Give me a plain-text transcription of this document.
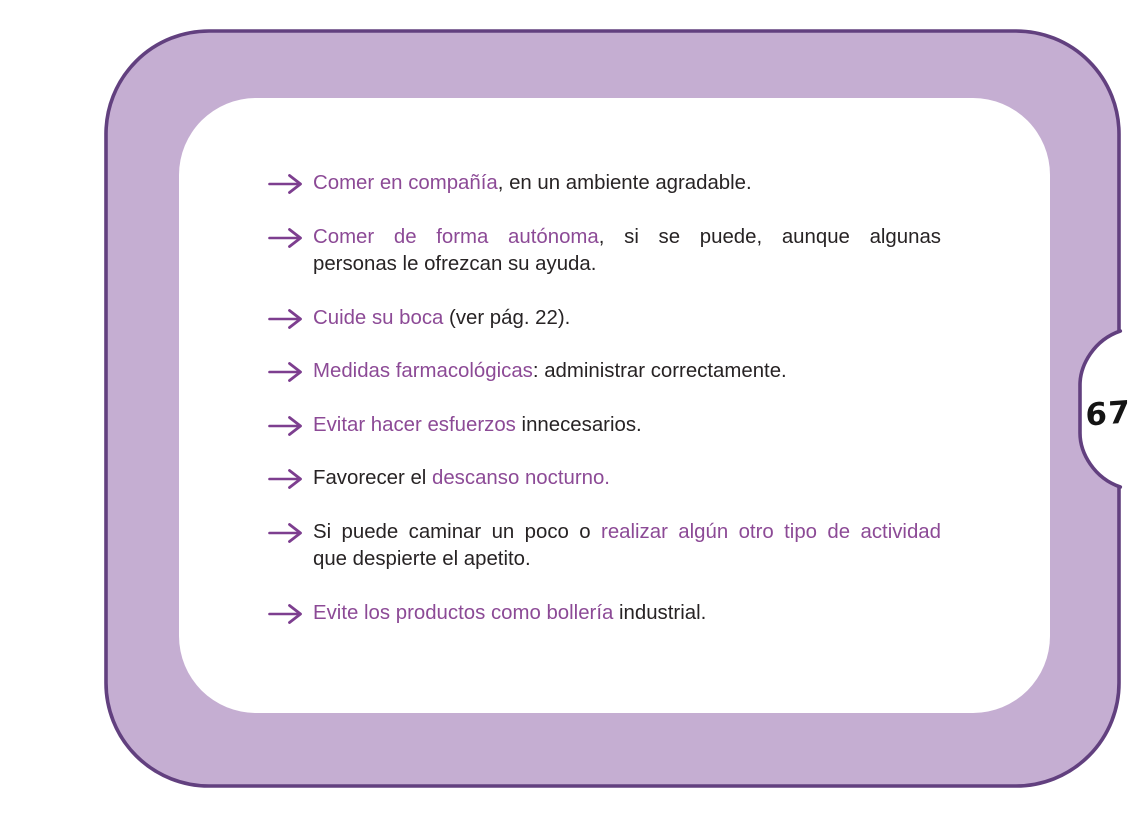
Comer en compañía, en un ambiente agradable.
Comer de forma autónoma, si se puede, aunque algunas
personas le ofrezcan su ayuda.
Cuide su boca (ver pág. 22).
Medidas farmacológicas: administrar correctamente.
Evitar hacer esfuerzos innecesarios.
Favorecer el descanso nocturno.
Si puede caminar un poco o realizar algún otro tipo de actividad
que despierte el apetito.
Evite los productos como bollería industrial.
67
